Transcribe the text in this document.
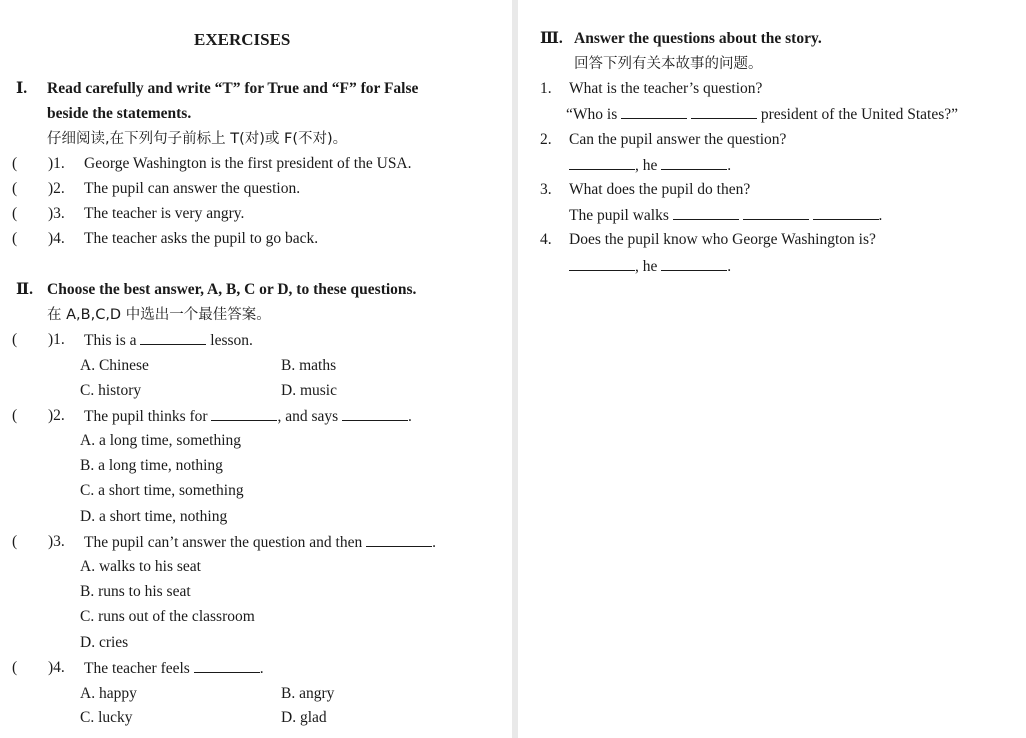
EXERCISES
Ⅰ. Read carefully and write “T” for True and “F” for False
beside the statements.
仔细阅读,在下列句子前标上 T(对)或 F(不对)。
( )1. George Washington is the first president of the USA.
( )2. The pupil can answer the question.
( )3. The teacher is very angry.
( )4. The teacher asks the pupil to go back.
Ⅱ. Choose the best answer, A, B, C or D, to these questions.
在 A,B,C,D 中选出一个最佳答案。
( )1. This is a	lesson.
A. Chinese	B. maths
C. history	D. music
( )2. The pupil thinks for	, and says	.
A. a long time, something
B. a long time, nothing
C. a short time, something
D. a short time, nothing
( )3. The pupil can’t answer the question and then	.
A. walks to his seat
B. runs to his seat
C. runs out of the classroom
D. cries
( )4. The teacher feels	.
A. happy	B. angry
C. lucky	D. glad
Ⅲ. Answer the questions about the story.
回答下列有关本故事的问题。
1. What is the teacher’s question?
“Who is	president of the United States?”
2. Can the pupil answer the question?
, he	.
3. What does the pupil do then?
The pupil walks	.
4. Does the pupil know who George Washington is?
, he	.
